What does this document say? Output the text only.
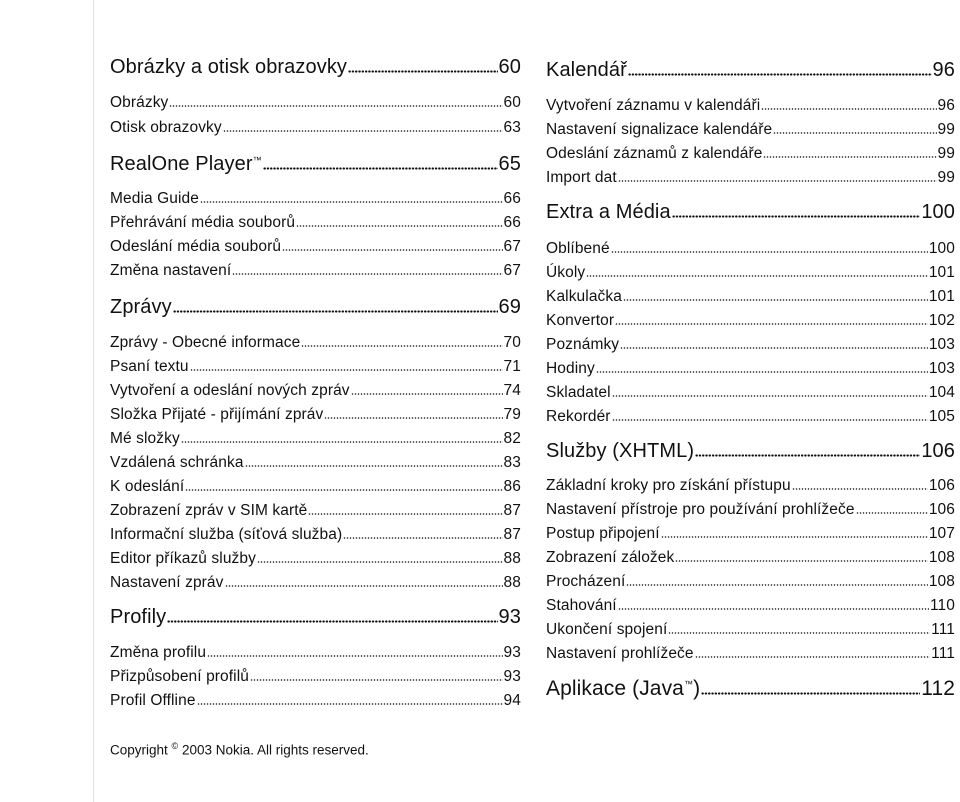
Obrázky a otisk obrazovky	60
Obrázky	60
Otisk obrazovky	63
RealOne Player™	65
Media Guide	66
Přehrávání média souborů	66
Odeslání média souborů	67
Změna nastavení	67
Zprávy	69
Zprávy - Obecné informace	70
Psaní textu	71
Vytvoření a odeslání nových zpráv	74
Složka Přijaté - přijímání zpráv	79
Mé složky	82
Vzdálená schránka	83
K odeslání	86
Zobrazení zpráv v SIM kartě	87
Informační služba (síťová služba)	87
Editor příkazů služby	88
Nastavení zpráv	88
Profily	93
Změna profilu	93
Přizpůsobení profilů	93
Profil Offline	94
Kalendář	96
Vytvoření záznamu v kalendáři	96
Nastavení signalizace kalendáře	99
Odeslání záznamů z kalendáře	99
Import dat	99
Extra a Média	100
Oblíbené	100
Úkoly	101
Kalkulačka	101
Konvertor	102
Poznámky	103
Hodiny	103
Skladatel	104
Rekordér	105
Služby (XHTML)	106
Základní kroky pro získání přístupu	106
Nastavení přístroje pro používání prohlížeče	106
Postup připojení	107
Zobrazení záložek	108
Procházení	108
Stahování	110
Ukončení spojení	111
Nastavení prohlížeče	111
Aplikace (Java™)	112
Copyright © 2003 Nokia. All rights reserved.
